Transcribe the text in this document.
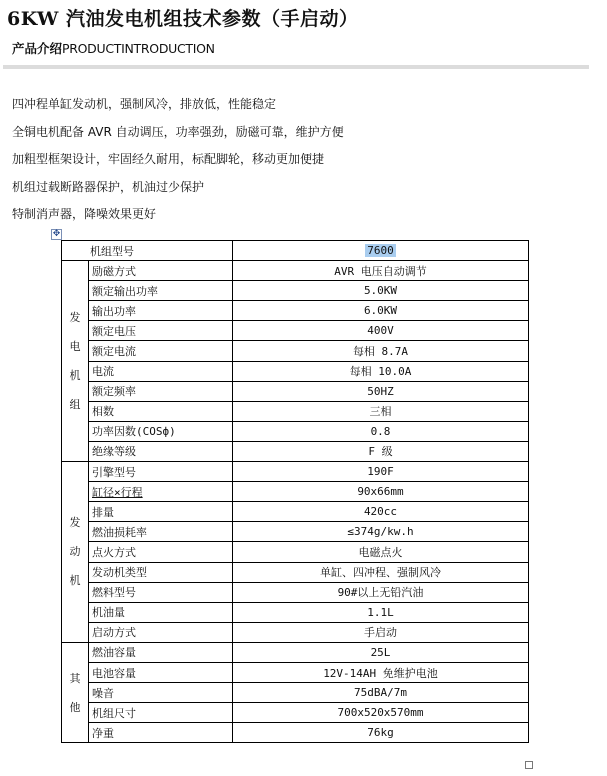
6KW 汽油发电机组技术参数（手启动）
产品介绍PRODUCTINTRODUCTION
四冲程单缸发动机，强制风冷，排放低，性能稳定
全铜电机配备 AVR 自动调压，功率强劲，励磁可靠，维护方便
加粗型框架设计，牢固经久耐用，标配脚轮，移动更加便捷
机组过载断路器保护，机油过少保护
特制消声器，降噪效果更好
✥
机组型号		7600

发
电
机
组	励磁方式	AVR 电压自动调节
	额定输出功率	5.0KW
	输出功率	6.0KW
	额定电压	400V
	额定电流	每相 8.7A
	电流	每相 10.0A
	额定频率	50HZ
	相数	三相
	功率因数(COSф)	0.8
	绝缘等级	F 级

发
动
机	引擎型号	190F
	缸径×行程	90x66mm
	排量	420cc
	燃油损耗率	≤374g/kw.h
	点火方式	电磁点火
	发动机类型	单缸、四冲程、强制风冷
	燃料型号	90#以上无铅汽油
	机油量	1.1L
	启动方式	手启动

其
他	燃油容量	25L
	电池容量	12V-14AH 免维护电池
	噪音	75dBA/7m
	机组尺寸	700x520x570mm
	净重	76kg
